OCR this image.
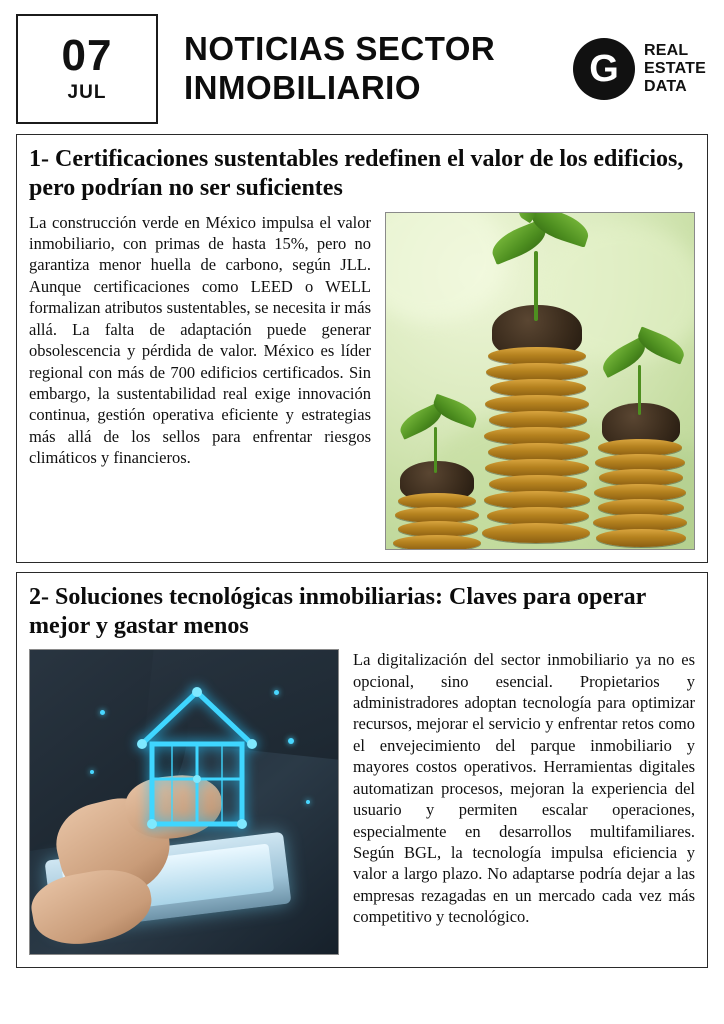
07
JUL
NOTICIAS SECTOR INMOBILIARIO	G	REAL
ESTATE
DATA
1- Certificaciones sustentables redefinen el valor de los edificios, pero podrían no ser suficientes

La construcción verde en México impulsa el valor inmobiliario, con primas de hasta 15%, pero no garantiza menor huella de carbono, según JLL. Aunque certificaciones como LEED o WELL formalizan atributos sustentables, se necesita ir más allá. La falta de adaptación puede generar obsolescencia y pérdida de valor. México es líder regional con más de 700 edificios certificados. Sin embargo, la sustentabilidad real exige innovación continua, gestión operativa eficiente y estrategias más allá de los sellos para enfrentar riesgos climáticos y financieros.

2- Soluciones tecnológicas inmobiliarias: Claves para operar mejor y gastar menos

La digitalización del sector inmobiliario ya no es opcional, sino esencial. Propietarios y administradores adoptan tecnología para optimizar recursos, mejorar el servicio y enfrentar retos como el envejecimiento del parque inmobiliario y mayores costos operativos. Herramientas digitales automatizan procesos, mejoran la experiencia del usuario y permiten escalar operaciones, especialmente en desarrollos multifamiliares. Según BGL, la tecnología impulsa eficiencia y valor a largo plazo. No adaptarse podría dejar a las empresas rezagadas en un mercado cada vez más competitivo y tecnológico.
